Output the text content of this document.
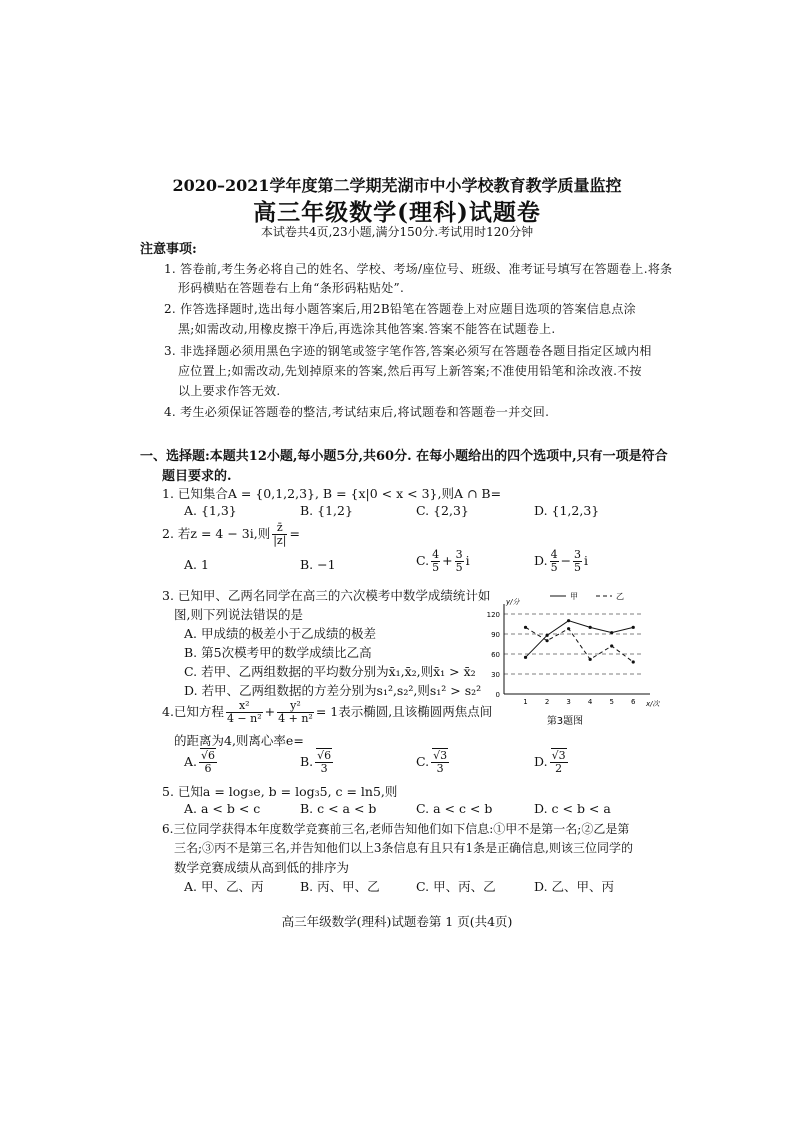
2020–2021学年度第二学期芜湖市中小学校教育教学质量监控
高三年级数学(理科)试题卷
本试卷共4页,23小题,满分150分.考试用时120分钟
注意事项:
1. 答卷前,考生务必将自己的姓名、学校、考场/座位号、班级、准考证号填写在答题卷上.将条
形码横贴在答题卷右上角“条形码粘贴处”.
2. 作答选择题时,选出每小题答案后,用2B铅笔在答题卷上对应题目选项的答案信息点涂
黑;如需改动,用橡皮擦干净后,再选涂其他答案.答案不能答在试题卷上.
3. 非选择题必须用黑色字迹的钢笔或签字笔作答,答案必须写在答题卷各题目指定区域内相
应位置上;如需改动,先划掉原来的答案,然后再写上新答案;不准使用铅笔和涂改液.不按
以上要求作答无效.
4. 考生必须保证答题卷的整洁,考试结束后,将试题卷和答题卷一并交回.
一、选择题:本题共12小题,每小题5分,共60分. 在每小题给出的四个选项中,只有一项是符合
题目要求的.
1. 已知集合A = {0,1,2,3}, B = {x|0 < x < 3},则A ∩ B=
A. {1,3}	B. {1,2}	C. {2,3}	D. {1,2,3}
2. 若z = 4 − 3i,则 $\frac{z̄}{|z|}$ =
A. 1	B. −1	C. $\frac{4}{5} + \frac{3}{5}$ i	D. $\frac{4}{5} - \frac{3}{5}$ i
3. 已知甲、乙两名同学在高三的六次模考中数学成绩统计如
图,则下列说法错误的是
A. 甲成绩的极差小于乙成绩的极差
B. 第5次模考甲的数学成绩比乙高
C. 若甲、乙两组数据的平均数分别为x̄₁,x̄₂,则x̄₁ > x̄₂
D. 若甲、乙两组数据的方差分别为s₁²,s₂²,则s₁² > s₂² 0
30
60
90
120
1 2 3 4 5 6
y/分
x/次
甲	乙
第3题图
4.已知方程 $\frac{\text{x²}}{\text{4 − n²}} + \frac{\text{y²}}{\text{4 + n²}} = 1$表示椭圆,且该椭圆两焦点间
的距离为4,则离心率e=
A. $\frac{√6}{6}$	B. $\frac{√6}{3}$	C. $\frac{√3}{3}$	D. $\frac{√3}{2}$
5. 已知a = log₃e, b = log₃5, c = ln5,则
A. a < b < c	B. c < a < b	C. a < c < b	D. c < b < a
6.三位同学获得本年度数学竞赛前三名,老师告知他们如下信息:①甲不是第一名;②乙是第
三名;③丙不是第三名,并告知他们以上3条信息有且只有1条是正确信息,则该三位同学的
数学竞赛成绩从高到低的排序为
A. 甲、乙、丙	B. 丙、甲、乙	C. 甲、丙、乙	D. 乙、甲、丙
高三年级数学(理科)试题卷第 1 页(共4页)
